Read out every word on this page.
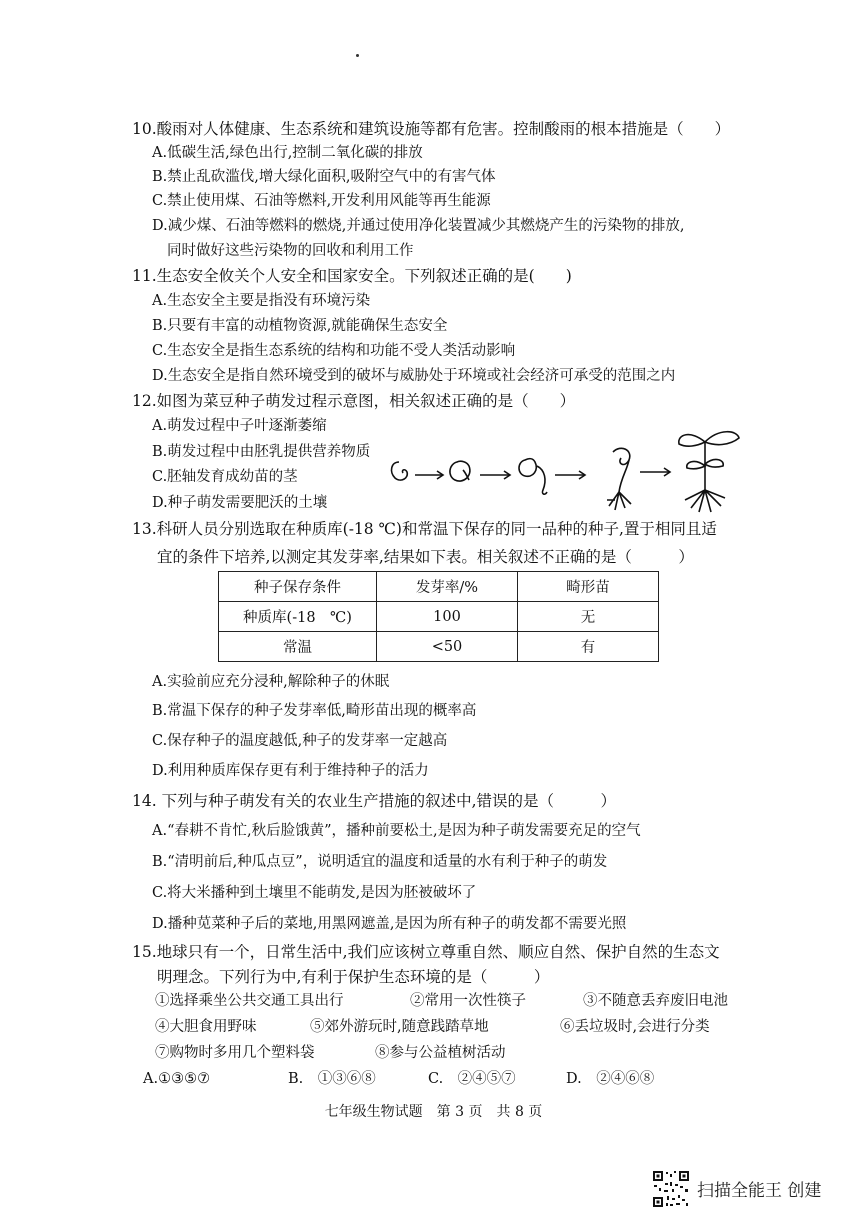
10.酸雨对人体健康、生态系统和建筑设施等都有危害。控制酸雨的根本措施是（　　）
A.低碳生活,绿色出行,控制二氧化碳的排放
B.禁止乱砍滥伐,增大绿化面积,吸附空气中的有害气体
C.禁止使用煤、石油等燃料,开发利用风能等再生能源
D.减少煤、石油等燃料的燃烧,并通过使用净化装置减少其燃烧产生的污染物的排放,
同时做好这些污染物的回收和利用工作
11.生态安全攸关个人安全和国家安全。下列叙述正确的是(　　)
A.生态安全主要是指没有环境污染
B.只要有丰富的动植物资源,就能确保生态安全
C.生态安全是指生态系统的结构和功能不受人类活动影响
D.生态安全是指自然环境受到的破坏与威胁处于环境或社会经济可承受的范围之内
12.如图为菜豆种子萌发过程示意图，相关叙述正确的是（　　）
A.萌发过程中子叶逐渐萎缩
B.萌发过程中由胚乳提供营养物质
C.胚轴发育成幼苗的茎
D.种子萌发需要肥沃的土壤
13.科研人员分别选取在种质库(-18 ℃)和常温下保存的同一品种的种子,置于相同且适
宜的条件下培养,以测定其发芽率,结果如下表。相关叙述不正确的是（　　　）
种子保存条件	发芽率/%	畸形苗
种质库(-18　℃)	100	无
常温	<50	有
A.实验前应充分浸种,解除种子的休眠
B.常温下保存的种子发芽率低,畸形苗出现的概率高
C.保存种子的温度越低,种子的发芽率一定越高
D.利用种质库保存更有利于维持种子的活力
14. 下列与种子萌发有关的农业生产措施的叙述中,错误的是（　　　）
A.“春耕不肯忙,秋后脸饿黄”，播种前要松土,是因为种子萌发需要充足的空气
B.“清明前后,种瓜点豆”，说明适宜的温度和适量的水有利于种子的萌发
C.将大米播种到土壤里不能萌发,是因为胚被破坏了
D.播种苋菜种子后的菜地,用黑网遮盖,是因为所有种子的萌发都不需要光照
15.地球只有一个，日常生活中,我们应该树立尊重自然、顺应自然、保护自然的生态文
明理念。下列行为中,有利于保护生态环境的是（　　　）
①选择乘坐公共交通工具出行	②常用一次性筷子	③不随意丢弃废旧电池
④大胆食用野味	⑤郊外游玩时,随意践踏草地	⑥丢垃圾时,会进行分类
⑦购物时多用几个塑料袋	⑧参与公益植树活动
A.①③⑤⑦	B.　①③⑥⑧	C.　②④⑤⑦	D.　②④⑥⑧
七年级生物试题　第 3 页　共 8 页
扫描全能王 创建
